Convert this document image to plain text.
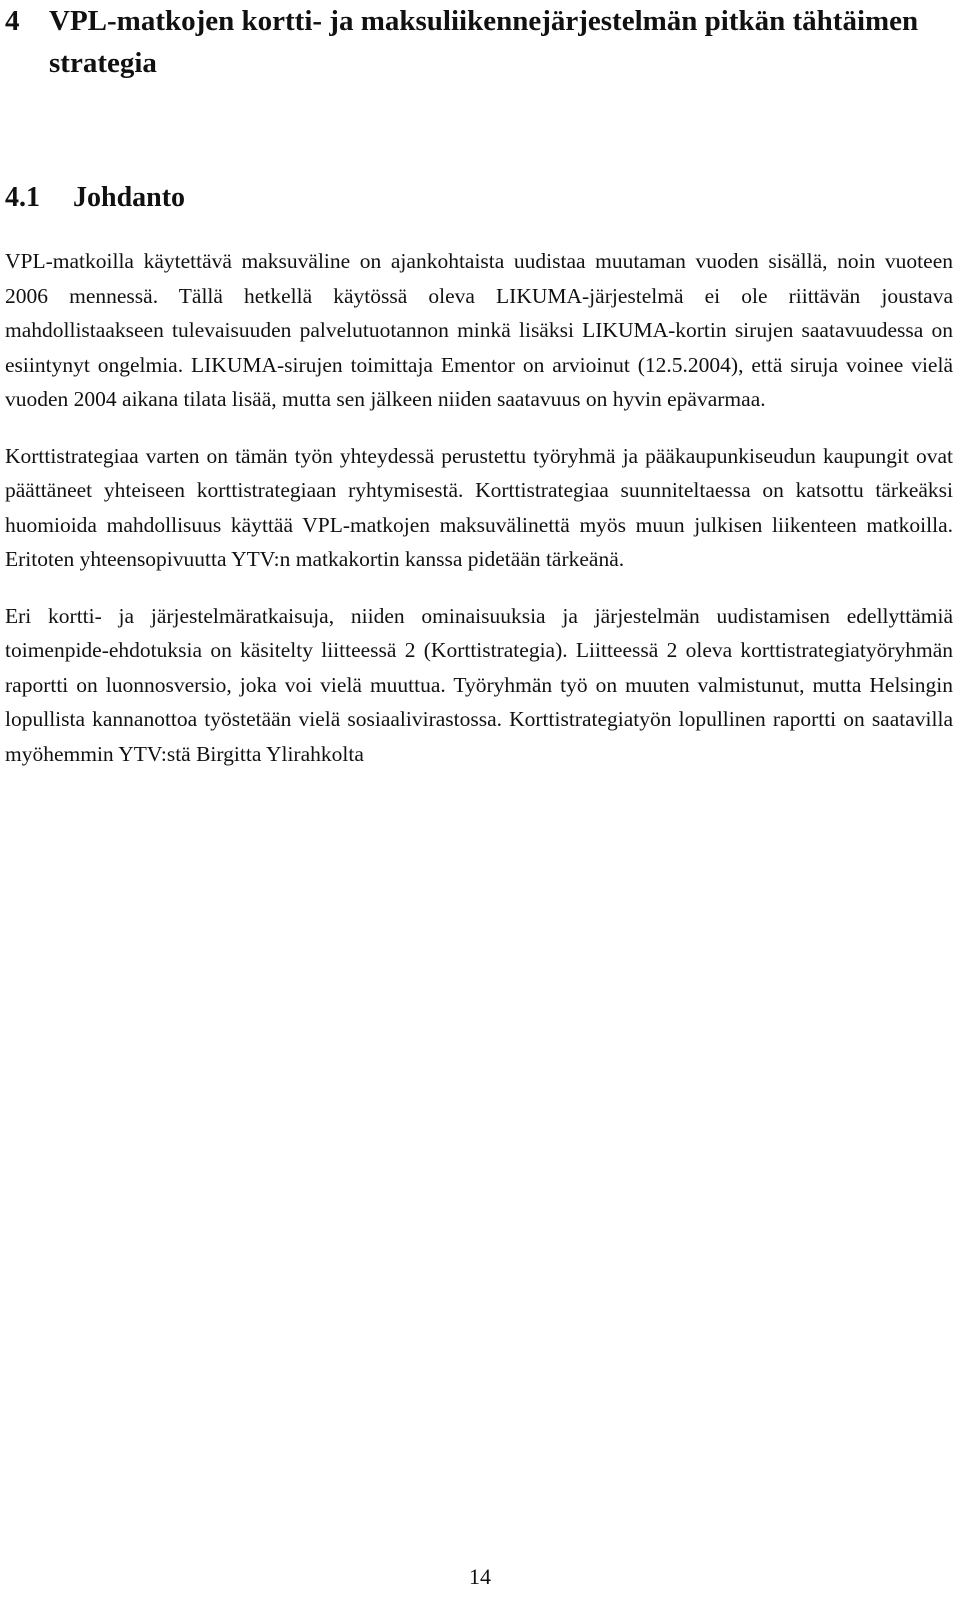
4	VPL-matkojen kortti- ja maksuliikennejärjestelmän pitkän tähtäimen strategia
4.1	Johdanto

VPL-matkoilla käytettävä maksuväline on ajankohtaista uudistaa muutaman vuoden sisällä, noin vuoteen 2006 mennessä. Tällä hetkellä käytössä oleva LIKUMA-järjestelmä ei ole riittävän joustava mahdollistaakseen tulevaisuuden palvelutuotannon minkä lisäksi LIKUMA-kortin sirujen saatavuudessa on esiintynyt ongelmia. LIKUMA-sirujen toimittaja Ementor on arvioinut (12.5.2004), että siruja voinee vielä vuoden 2004 aikana tilata lisää, mutta sen jälkeen niiden saatavuus on hyvin epävarmaa.

Korttistrategiaa varten on tämän työn yhteydessä perustettu työryhmä ja pääkaupunkiseudun kaupungit ovat päättäneet yhteiseen korttistrategiaan ryhtymisestä. Korttistrategiaa suunniteltaessa on katsottu tärkeäksi huomioida mahdollisuus käyttää VPL-matkojen maksuvälinettä myös muun julkisen liikenteen matkoilla. Eritoten yhteensopivuutta YTV:n matkakortin kanssa pidetään tärkeänä.

Eri kortti- ja järjestelmäratkaisuja, niiden ominaisuuksia ja järjestelmän uudistamisen edellyttämiä toimenpide-ehdotuksia on käsitelty liitteessä 2 (Korttistrategia). Liitteessä 2 oleva korttistrategiatyöryhmän raportti on luonnosversio, joka voi vielä muuttua. Työryhmän työ on muuten valmistunut, mutta Helsingin lopullista kannanottoa työstetään vielä sosiaalivirastossa. Korttistrategiatyön lopullinen raportti on saatavilla myöhemmin YTV:stä Birgitta Ylirahkolta

14
